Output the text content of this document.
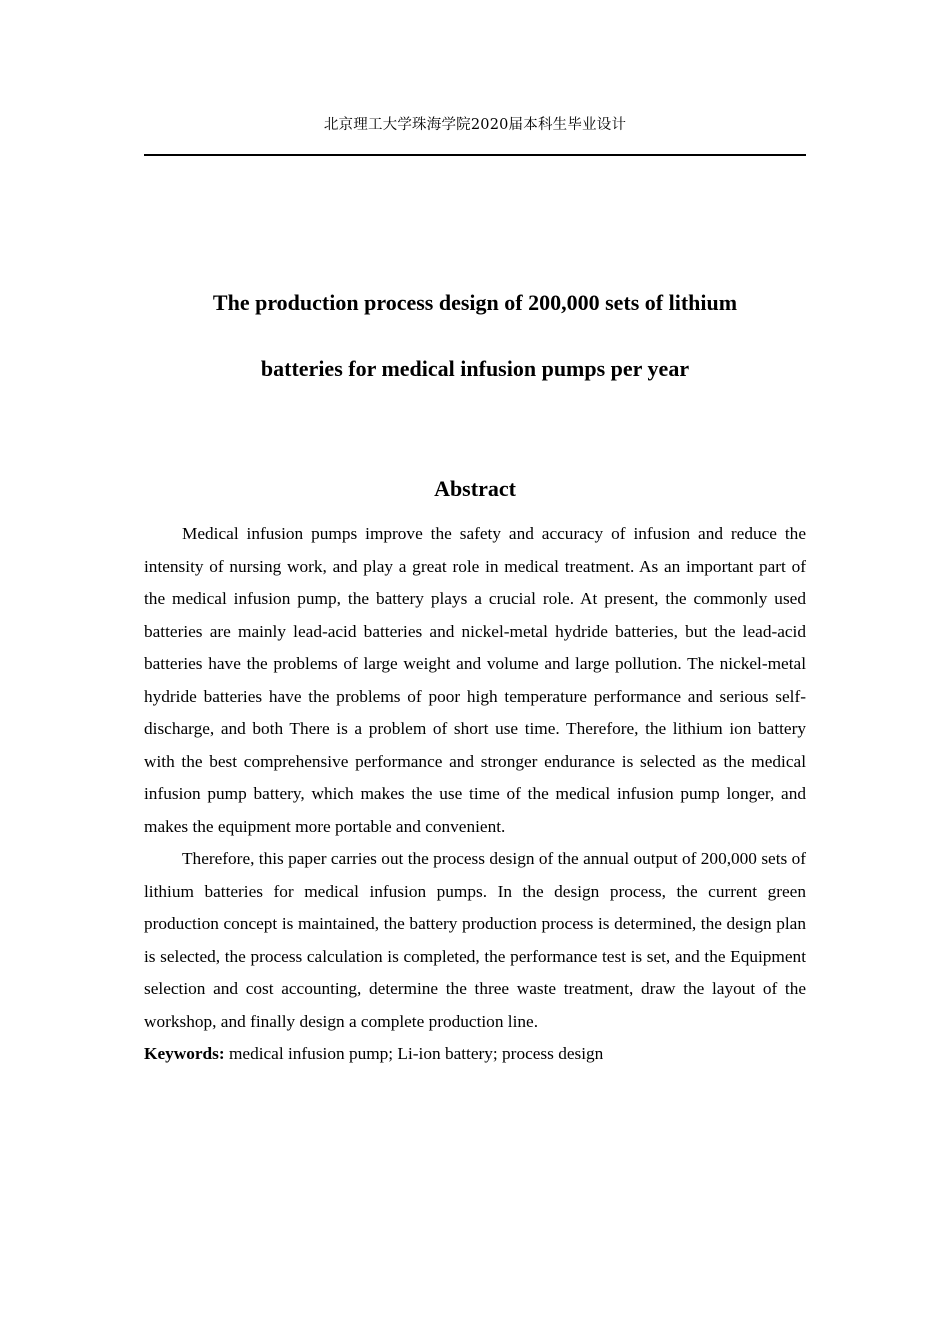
北京理工大学珠海学院2020届本科生毕业设计
The production process design of 200,000 sets of lithium
batteries for medical infusion pumps per year
Abstract

Medical infusion pumps improve the safety and accuracy of infusion and reduce the intensity of nursing work, and play a great role in medical treatment. As an important part of the medical infusion pump, the battery plays a crucial role. At present, the commonly used batteries are mainly lead-acid batteries and nickel-metal hydride batteries, but the lead-acid batteries have the problems of large weight and volume and large pollution. The nickel-metal hydride batteries have the problems of poor high temperature performance and serious self-discharge, and both There is a problem of short use time. Therefore, the lithium ion battery with the best comprehensive performance and stronger endurance is selected as the medical infusion pump battery, which makes the use time of the medical infusion pump longer, and makes the equipment more portable and convenient.

Therefore, this paper carries out the process design of the annual output of 200,000 sets of lithium batteries for medical infusion pumps. In the design process, the current green production concept is maintained, the battery production process is determined, the design plan is selected, the process calculation is completed, the performance test is set, and the Equipment selection and cost accounting, determine the three waste treatment, draw the layout of the workshop, and finally design a complete production line.

Keywords: medical infusion pump; Li-ion battery; process design
